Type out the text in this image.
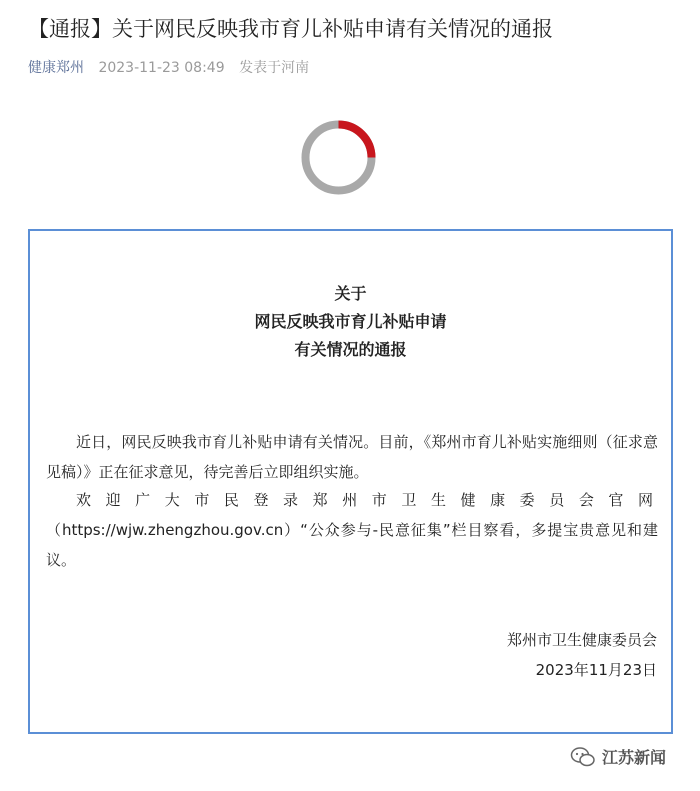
【通报】关于网民反映我市育儿补贴申请有关情况的通报
健康郑州 2023-11-23 08:49 发表于河南
关于
网民反映我市育儿补贴申请
有关情况的通报

近日，网民反映我市育儿补贴申请有关情况。目前，《郑州市育儿补贴实施细则（征求意见稿）》正在征求意见，待完善后立即组织实施。

欢迎广大市民登录郑州市卫生健康委员会官网（https://wjw.zhengzhou.gov.cn）“公众参与-民意征集”栏目察看，多提宝贵意见和建议。
郑州市卫生健康委员会
2023年11月23日
江苏新闻
